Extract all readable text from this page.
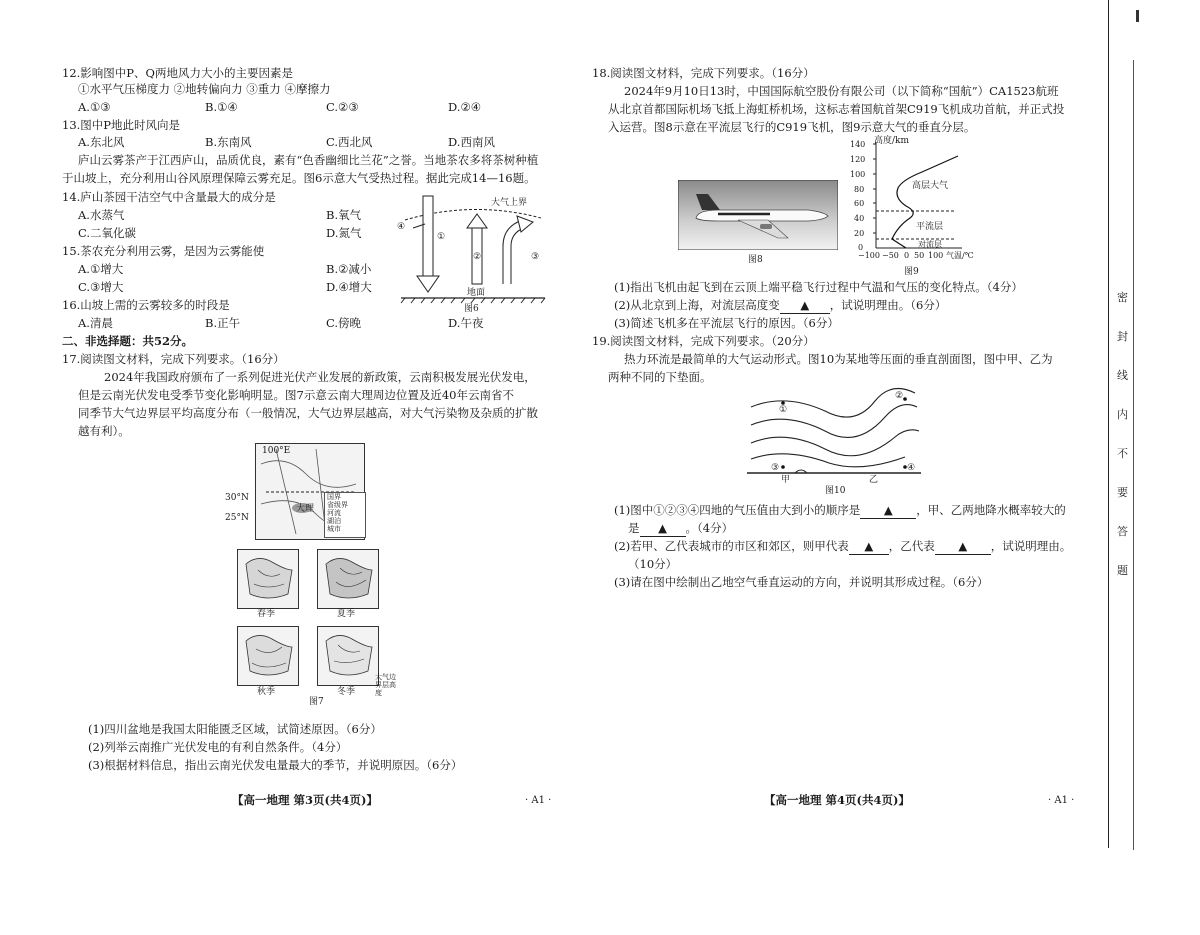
12.影响图中P、Q两地风力大小的主要因素是
①水平气压梯度力 ②地转偏向力 ③重力 ④摩擦力
A.①③	B.①④	C.②③	D.②④
13.图中P地此时风向是
A.东北风	B.东南风	C.西北风	D.西南风
庐山云雾茶产于江西庐山，品质优良，素有“色香幽细比兰花”之誉。当地茶农多将茶树种植
于山坡上，充分利用山谷风原理保障云雾充足。图6示意大气受热过程。据此完成14—16题。
14.庐山茶园干洁空气中含量最大的成分是
A.水蒸气	B.氧气
C.二氧化碳	D.氮气
15.茶农充分利用云雾，是因为云雾能使
A.①增大	B.②减小
C.③增大	D.④增大
16.山坡上需的云雾较多的时段是
A.清晨	B.正午	C.傍晚	D.午夜
大气上界
④
①
②	③
地面
图6
二、非选择题：共52分。
17.阅读图文材料，完成下列要求。（16分）
2024年我国政府颁布了一系列促进光伏产业发展的新政策，云南积极发展光伏发电，
但是云南光伏发电受季节变化影响明显。图7示意云南大理周边位置及近40年云南省不
同季节大气边界层平均高度分布（一般情况，大气边界层越高，对大气污染物及杂质的扩散
越有利）。
100°E
大理
国界
省级界
河流
湖泊
城市
30°N
25°N
春季	夏季
秋季	冬季
大气边界层高度
图7
(1)四川盆地是我国太阳能匮乏区域，试简述原因。（6分）
(2)列举云南推广光伏发电的有利自然条件。（4分）
(3)根据材料信息，指出云南光伏发电量最大的季节，并说明原因。（6分）
【高一地理 第3页(共4页)】	· A1 ·
18.阅读图文材料，完成下列要求。（16分）
2024年9月10日13时，中国国际航空股份有限公司（以下简称“国航”）CA1523航班
从北京首都国际机场飞抵上海虹桥机场，这标志着国航首架C919飞机成功首航，并正式投
入运营。图8示意在平流层飞行的C919飞机，图9示意大气的垂直分层。
图8
高度/km
140
120
100
80
60
40
20
0
高层大气
平流层
对流层
−100 −50 0 50 100 气温/℃
图9
(1)指出飞机由起飞到在云顶上端平稳飞行过程中气温和气压的变化特点。（4分）
(2)从北京到上海，对流层高度变 ▲ ，试说明理由。（6分）
(3)简述飞机多在平流层飞行的原因。（6分）
19.阅读图文材料，完成下列要求。（20分）
热力环流是最简单的大气运动形式。图10为某地等压面的垂直剖面图，图中甲、乙为
两种不同的下垫面。
①
②
③	④
甲	乙
图10
(1)图中①②③④四地的气压值由大到小的顺序是 ▲ ，甲、乙两地降水概率较大的
是 ▲ 。（4分）
(2)若甲、乙代表城市的市区和郊区，则甲代表 ▲ ，乙代表 ▲ ，试说明理由。
（10分）
(3)请在图中绘制出乙地空气垂直运动的方向，并说明其形成过程。（6分）
【高一地理 第4页(共4页)】	· A1 ·
密
封
线
内
不
要
答
题
